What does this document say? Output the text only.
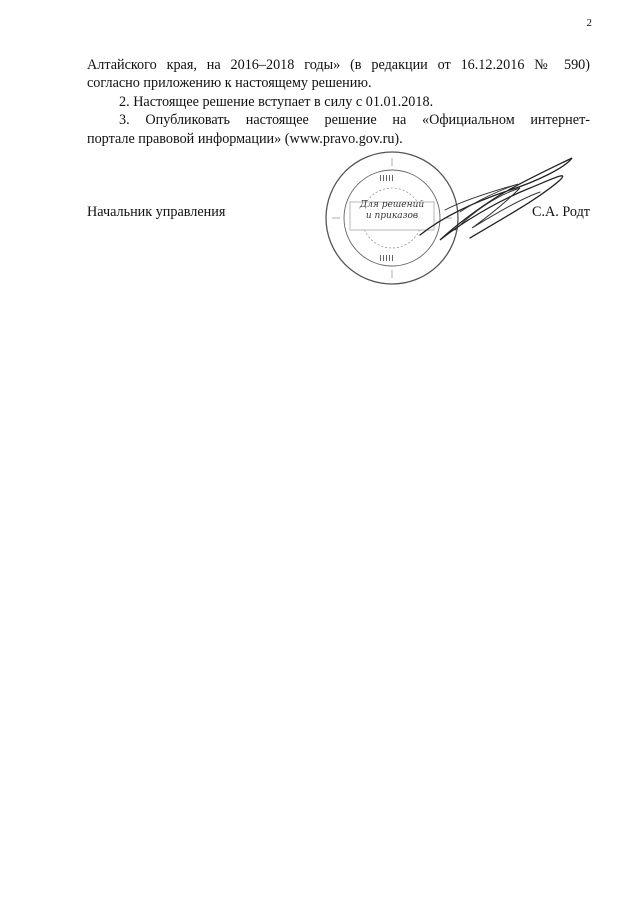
2

Алтайского края, на 2016–2018 годы» (в редакции от 16.12.2016 № 590)

согласно приложению к настоящему решению.

2. Настоящее решение вступает в силу с 01.01.2018.

3. Опубликовать настоящее решение на «Официальном интернет-

портале правовой информации» (www.pravo.gov.ru).

Для решений
и приказов
Начальник управления	С.А. Родт
